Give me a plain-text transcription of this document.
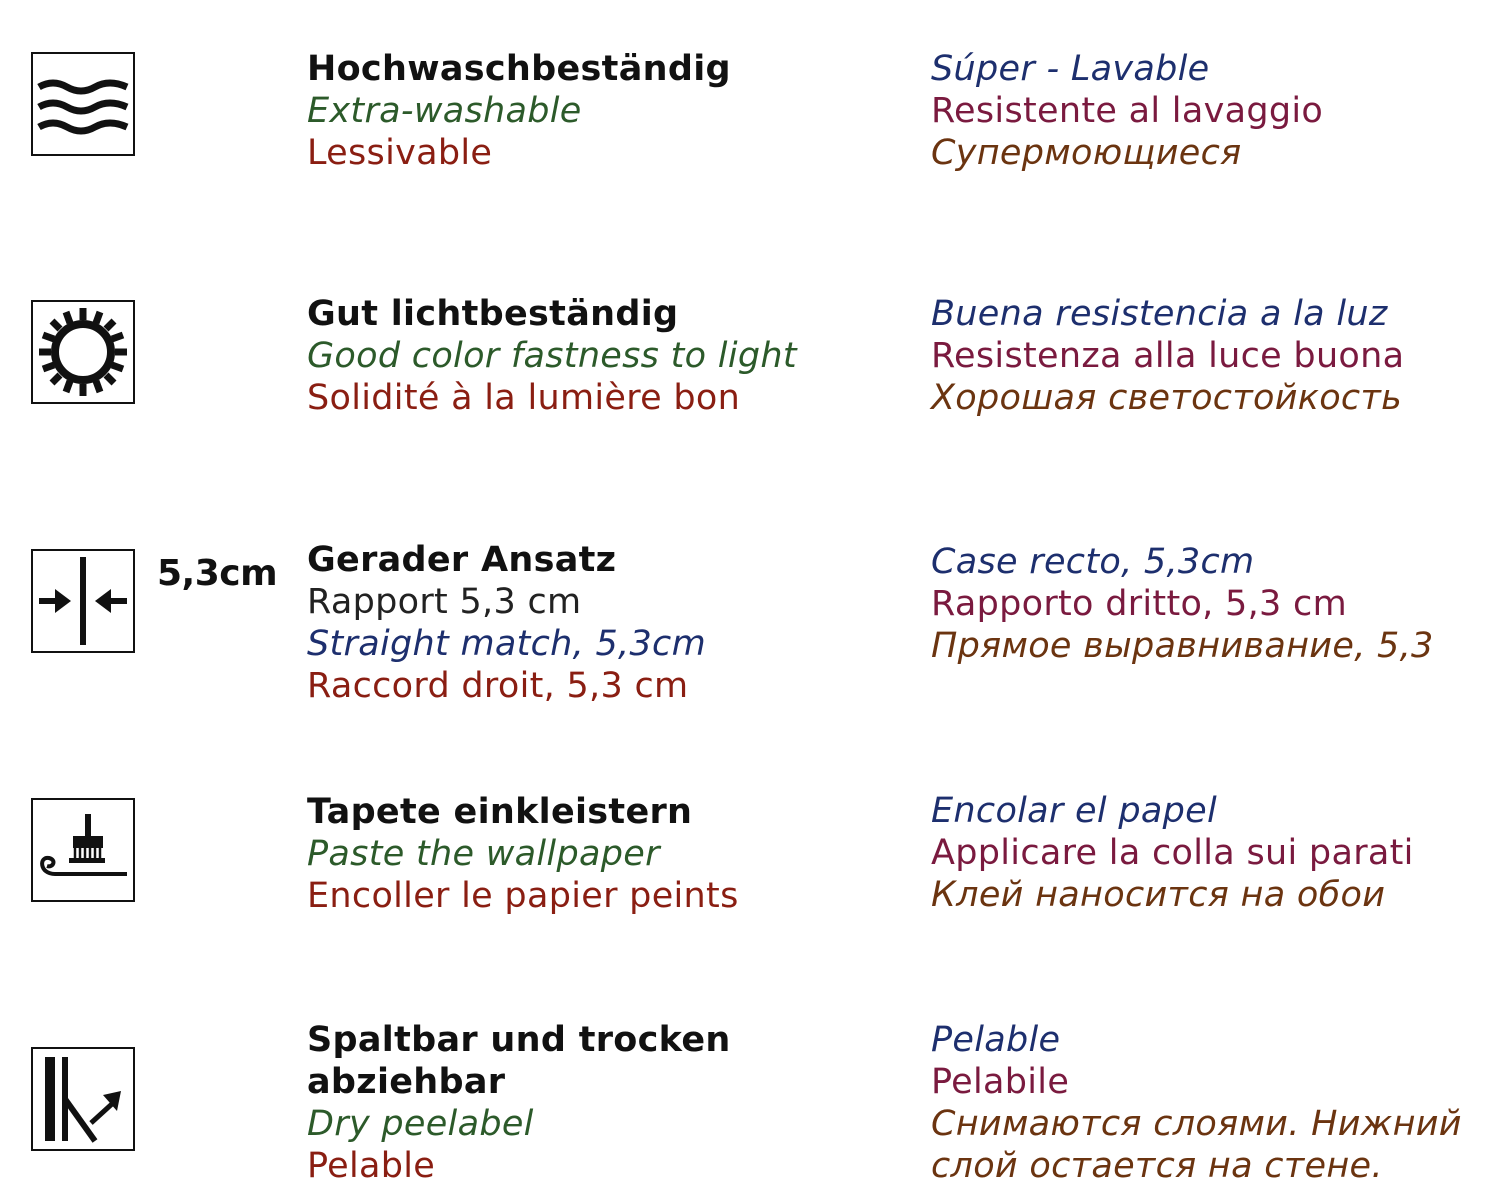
Hochwaschbeständig
Extra-washable
Lessivable
Súper - Lavable
Resistente al lavaggio
Супермоющиеся
Gut lichtbeständig
Good color fastness to light
Solidité à la lumière bon
Buena resistencia a la luz
Resistenza alla luce buona
Хорошая светостойкость
5,3cm Gerader Ansatz
Rapport 5,3 cm
Straight match, 5,3cm
Raccord droit, 5,3 cm
Case recto, 5,3cm
Rapporto dritto, 5,3 cm
Прямое выравнивание, 5,3
Tapete einkleistern
Paste the wallpaper
Encoller le papier peints
Encolar el papel
Applicare la colla sui parati
Клей наносится на обои
Spaltbar und trocken
abziehbar
Dry peelabel
Pelable
Pelable
Pelabile
Снимаются слоями. Нижний
слой остается на стене.
